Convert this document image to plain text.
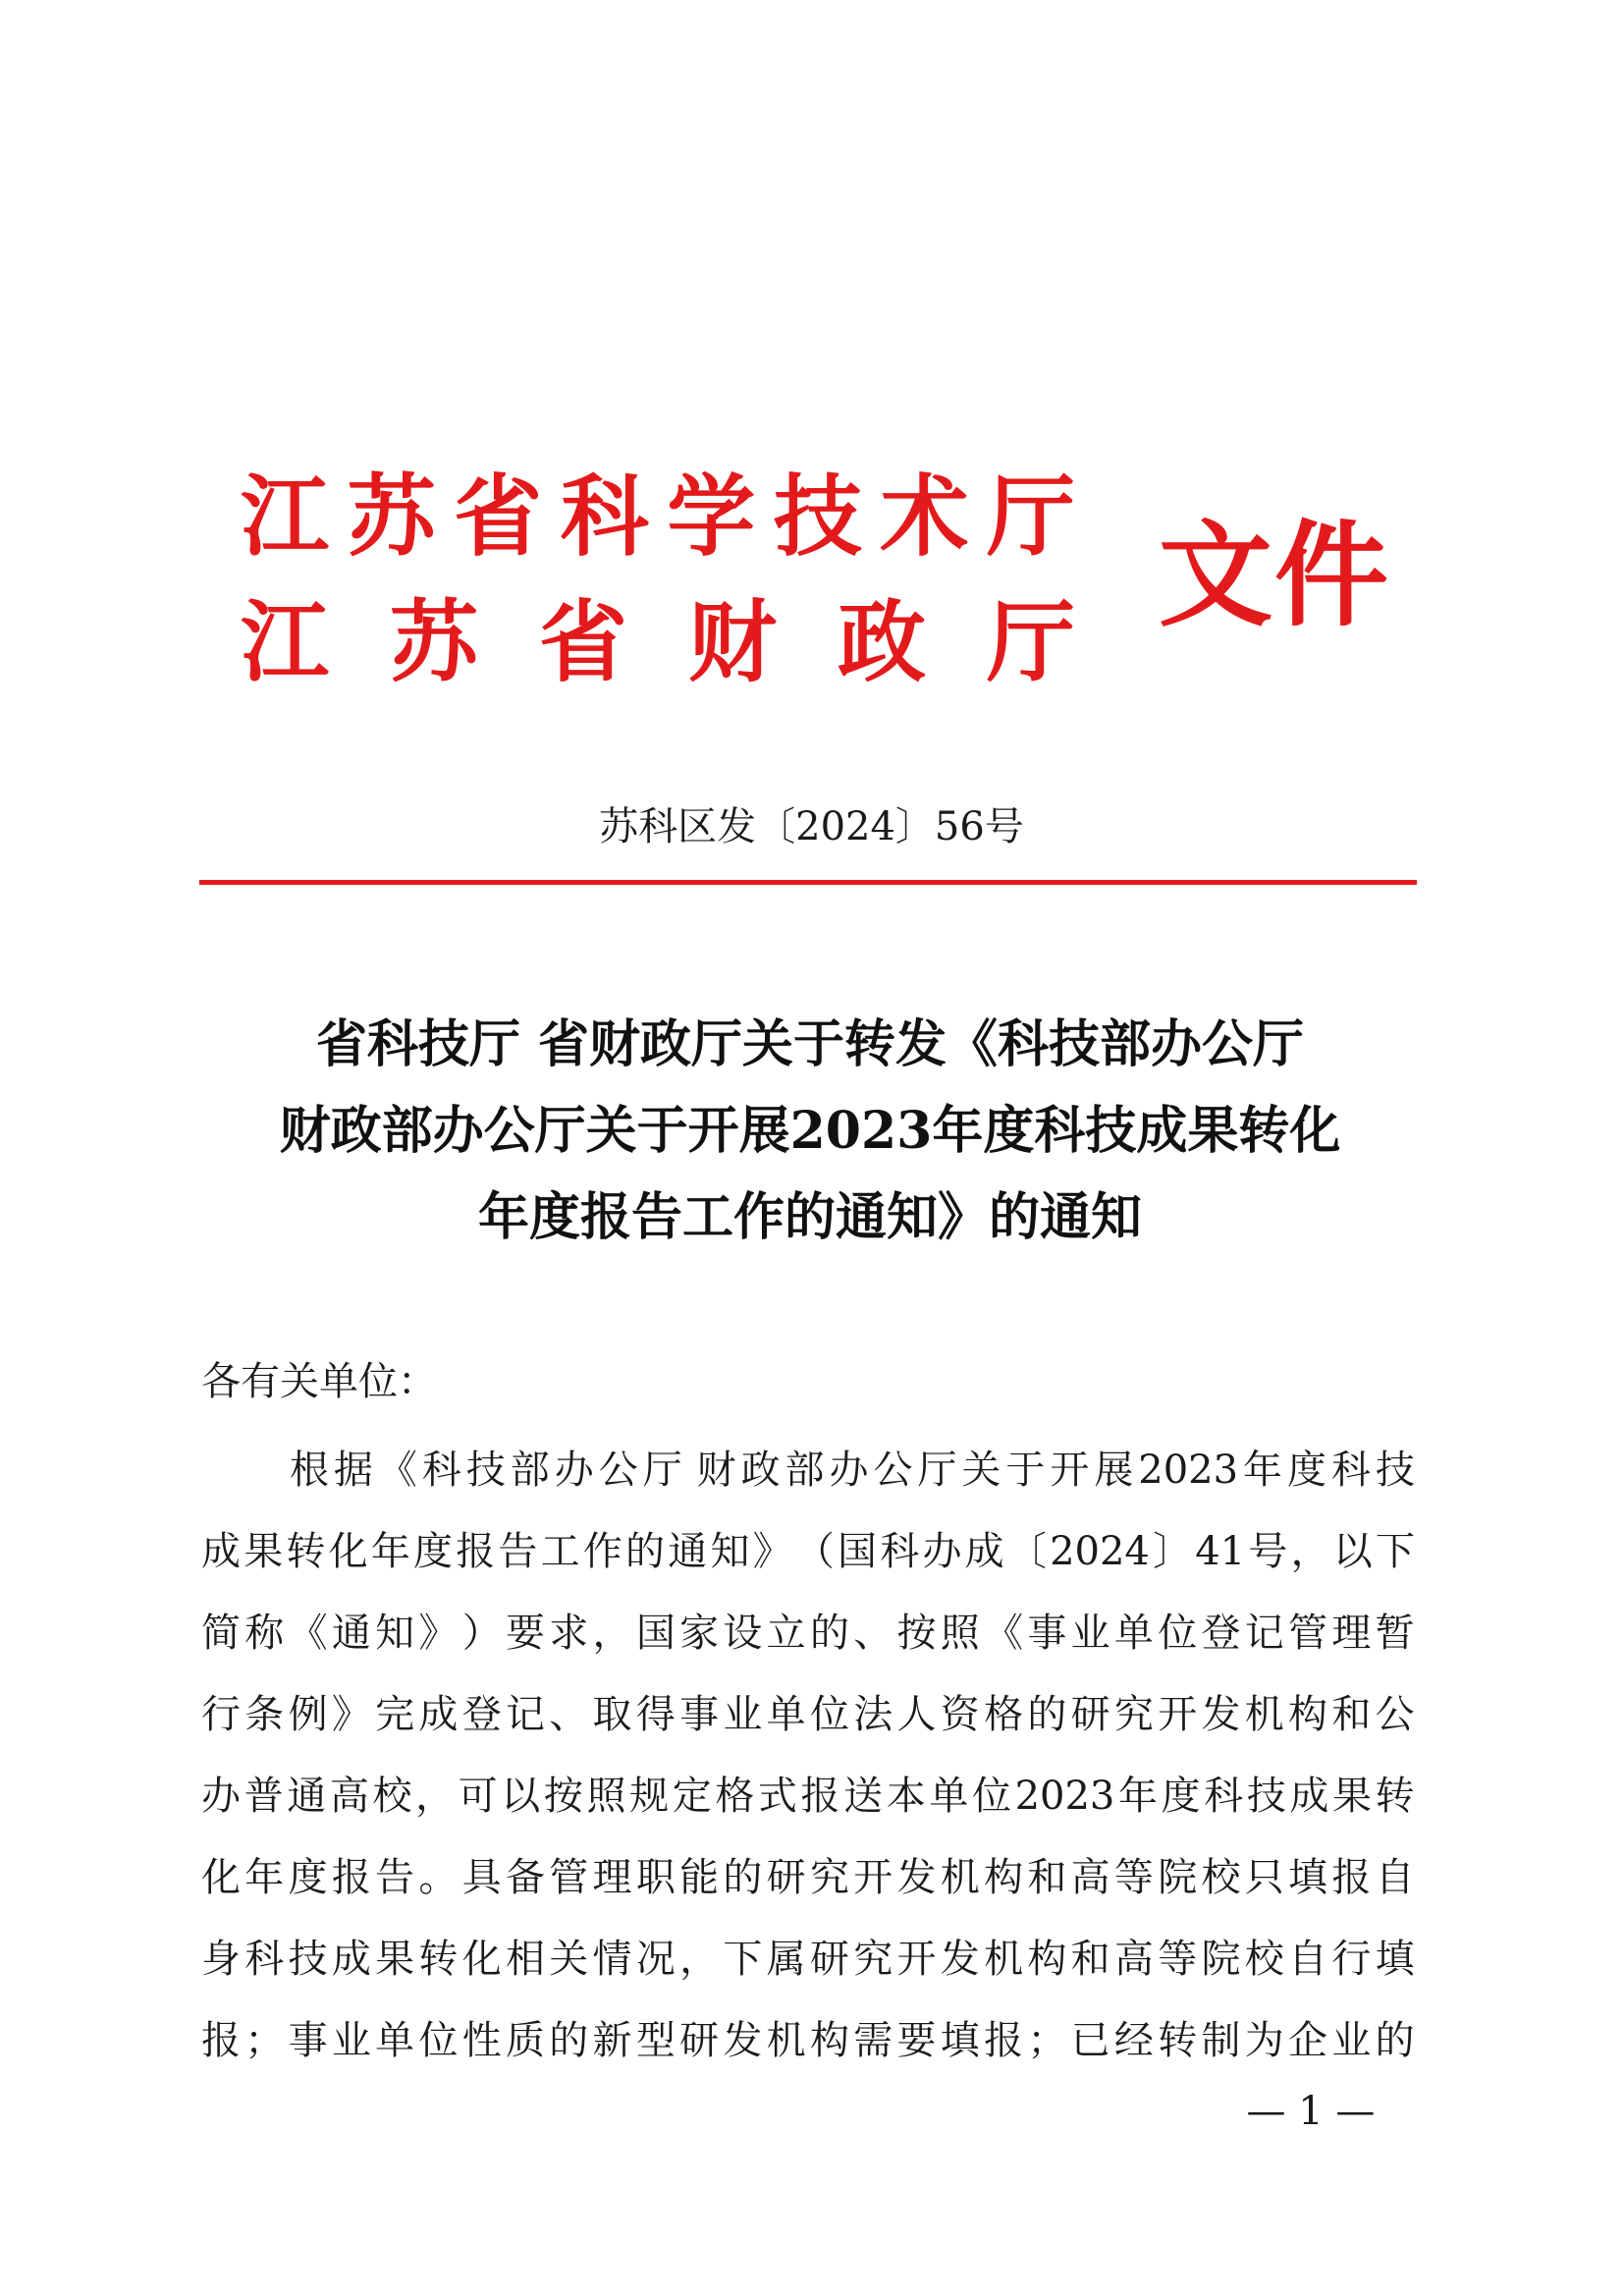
江 苏 省 科 学 技 术 厅
江 苏 省 财 政 厅
文件
苏科区发〔2024〕56号
省科技厅 省财政厅关于转发《科技部办公厅
财政部办公厅关于开展2023年度科技成果转化
年度报告工作的通知》的通知
各有关单位：

根 据 《 科 技 部 办 公 厅 财 政 部 办 公 厅 关 于 开 展 2023 年 度 科 技
成 果 转 化 年 度 报 告 工 作 的 通 知 》 （ 国 科 办 成 〔 2024 〕 41 号 ， 以 下
简 称 《 通 知 》 ） 要 求 ， 国 家 设 立 的 、 按 照 《 事 业 单 位 登 记 管 理 暂
行 条 例 》 完 成 登 记 、 取 得 事 业 单 位 法 人 资 格 的 研 究 开 发 机 构 和 公
办 普 通 高 校 ， 可 以 按 照 规 定 格 式 报 送 本 单 位 2023 年 度 科 技 成 果 转
化 年 度 报 告 。 具 备 管 理 职 能 的 研 究 开 发 机 构 和 高 等 院 校 只 填 报 自
身 科 技 成 果 转 化 相 关 情 况 ， 下 属 研 究 开 发 机 构 和 高 等 院 校 自 行 填
报 ； 事 业 单 位 性 质 的 新 型 研 发 机 构 需 要 填 报 ； 已 经 转 制 为 企 业 的
— 1 —
